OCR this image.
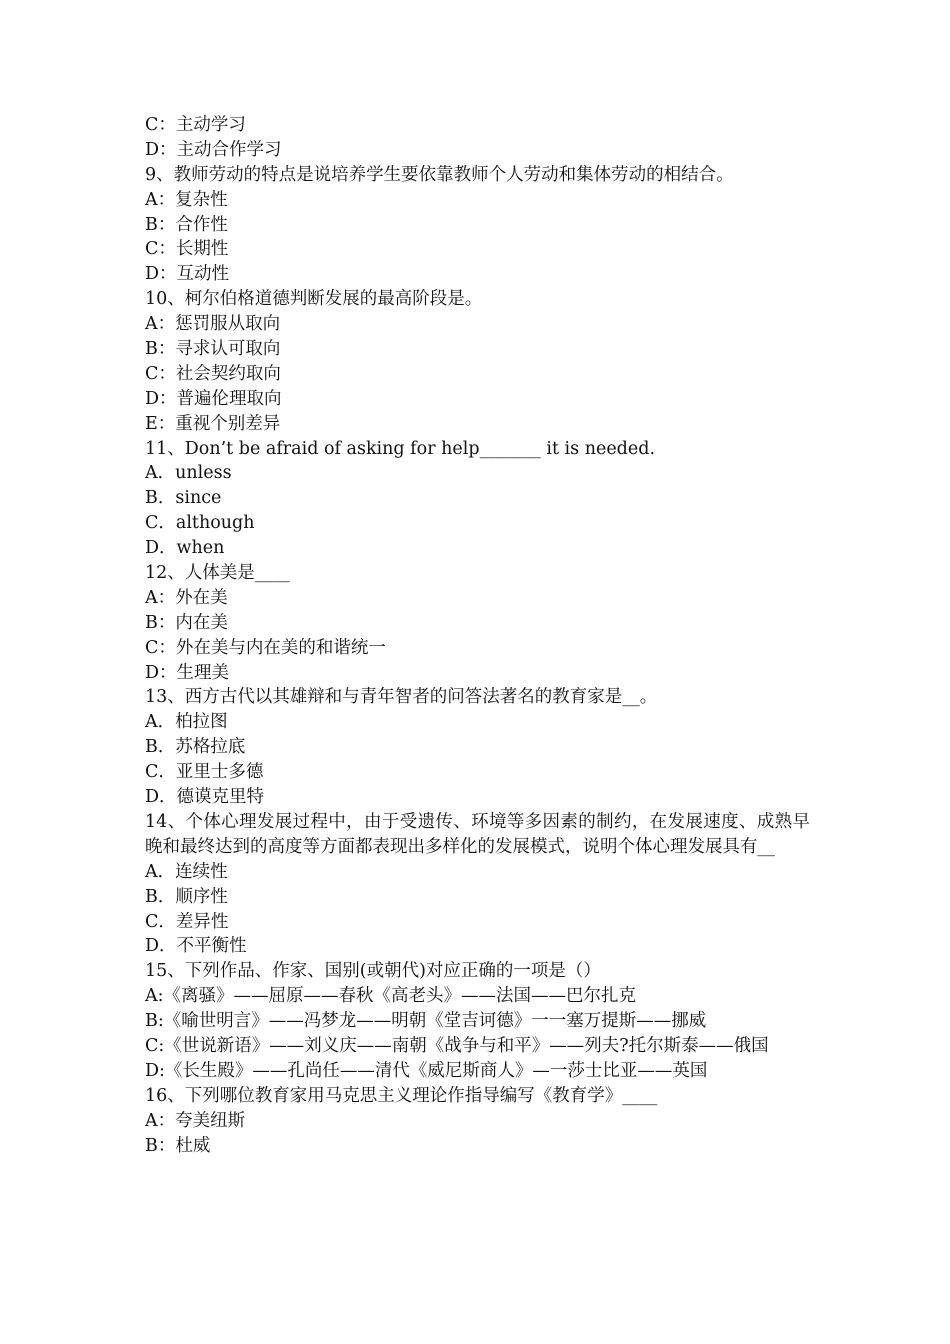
C：主动学习
D：主动合作学习
9、教师劳动的特点是说培养学生要依靠教师个人劳动和集体劳动的相结合。
A：复杂性
B：合作性
C：长期性
D：互动性
10、柯尔伯格道德判断发展的最高阶段是。
A：惩罚服从取向
B：寻求认可取向
C：社会契约取向
D：普遍伦理取向
E：重视个别差异
11、Don’t be afraid of asking for help_______ it is needed.
A．unless
B．since
C．although
D．when
12、人体美是____
A：外在美
B：内在美
C：外在美与内在美的和谐统一
D：生理美
13、西方古代以其雄辩和与青年智者的问答法著名的教育家是__。
A．柏拉图
B．苏格拉底
C．亚里士多德
D．德谟克里特
14、个体心理发展过程中，由于受遗传、环境等多因素的制约，在发展速度、成熟早晚和最终达到的高度等方面都表现出多样化的发展模式，说明个体心理发展具有__
A．连续性
B．顺序性
C．差异性
D．不平衡性
15、下列作品、作家、国别(或朝代)对应正确的一项是（）
A:《离骚》——屈原——春秋《高老头》——法国——巴尔扎克
B:《喻世明言》——冯梦龙——明朝《堂吉诃德》一一塞万提斯——挪威
C:《世说新语》——刘义庆——南朝《战争与和平》——列夫?托尔斯泰——俄国
D:《长生殿》——孔尚任——清代《威尼斯商人》—一莎士比亚——英国
16、下列哪位教育家用马克思主义理论作指导编写《教育学》____
A：夸美纽斯
B：杜威
